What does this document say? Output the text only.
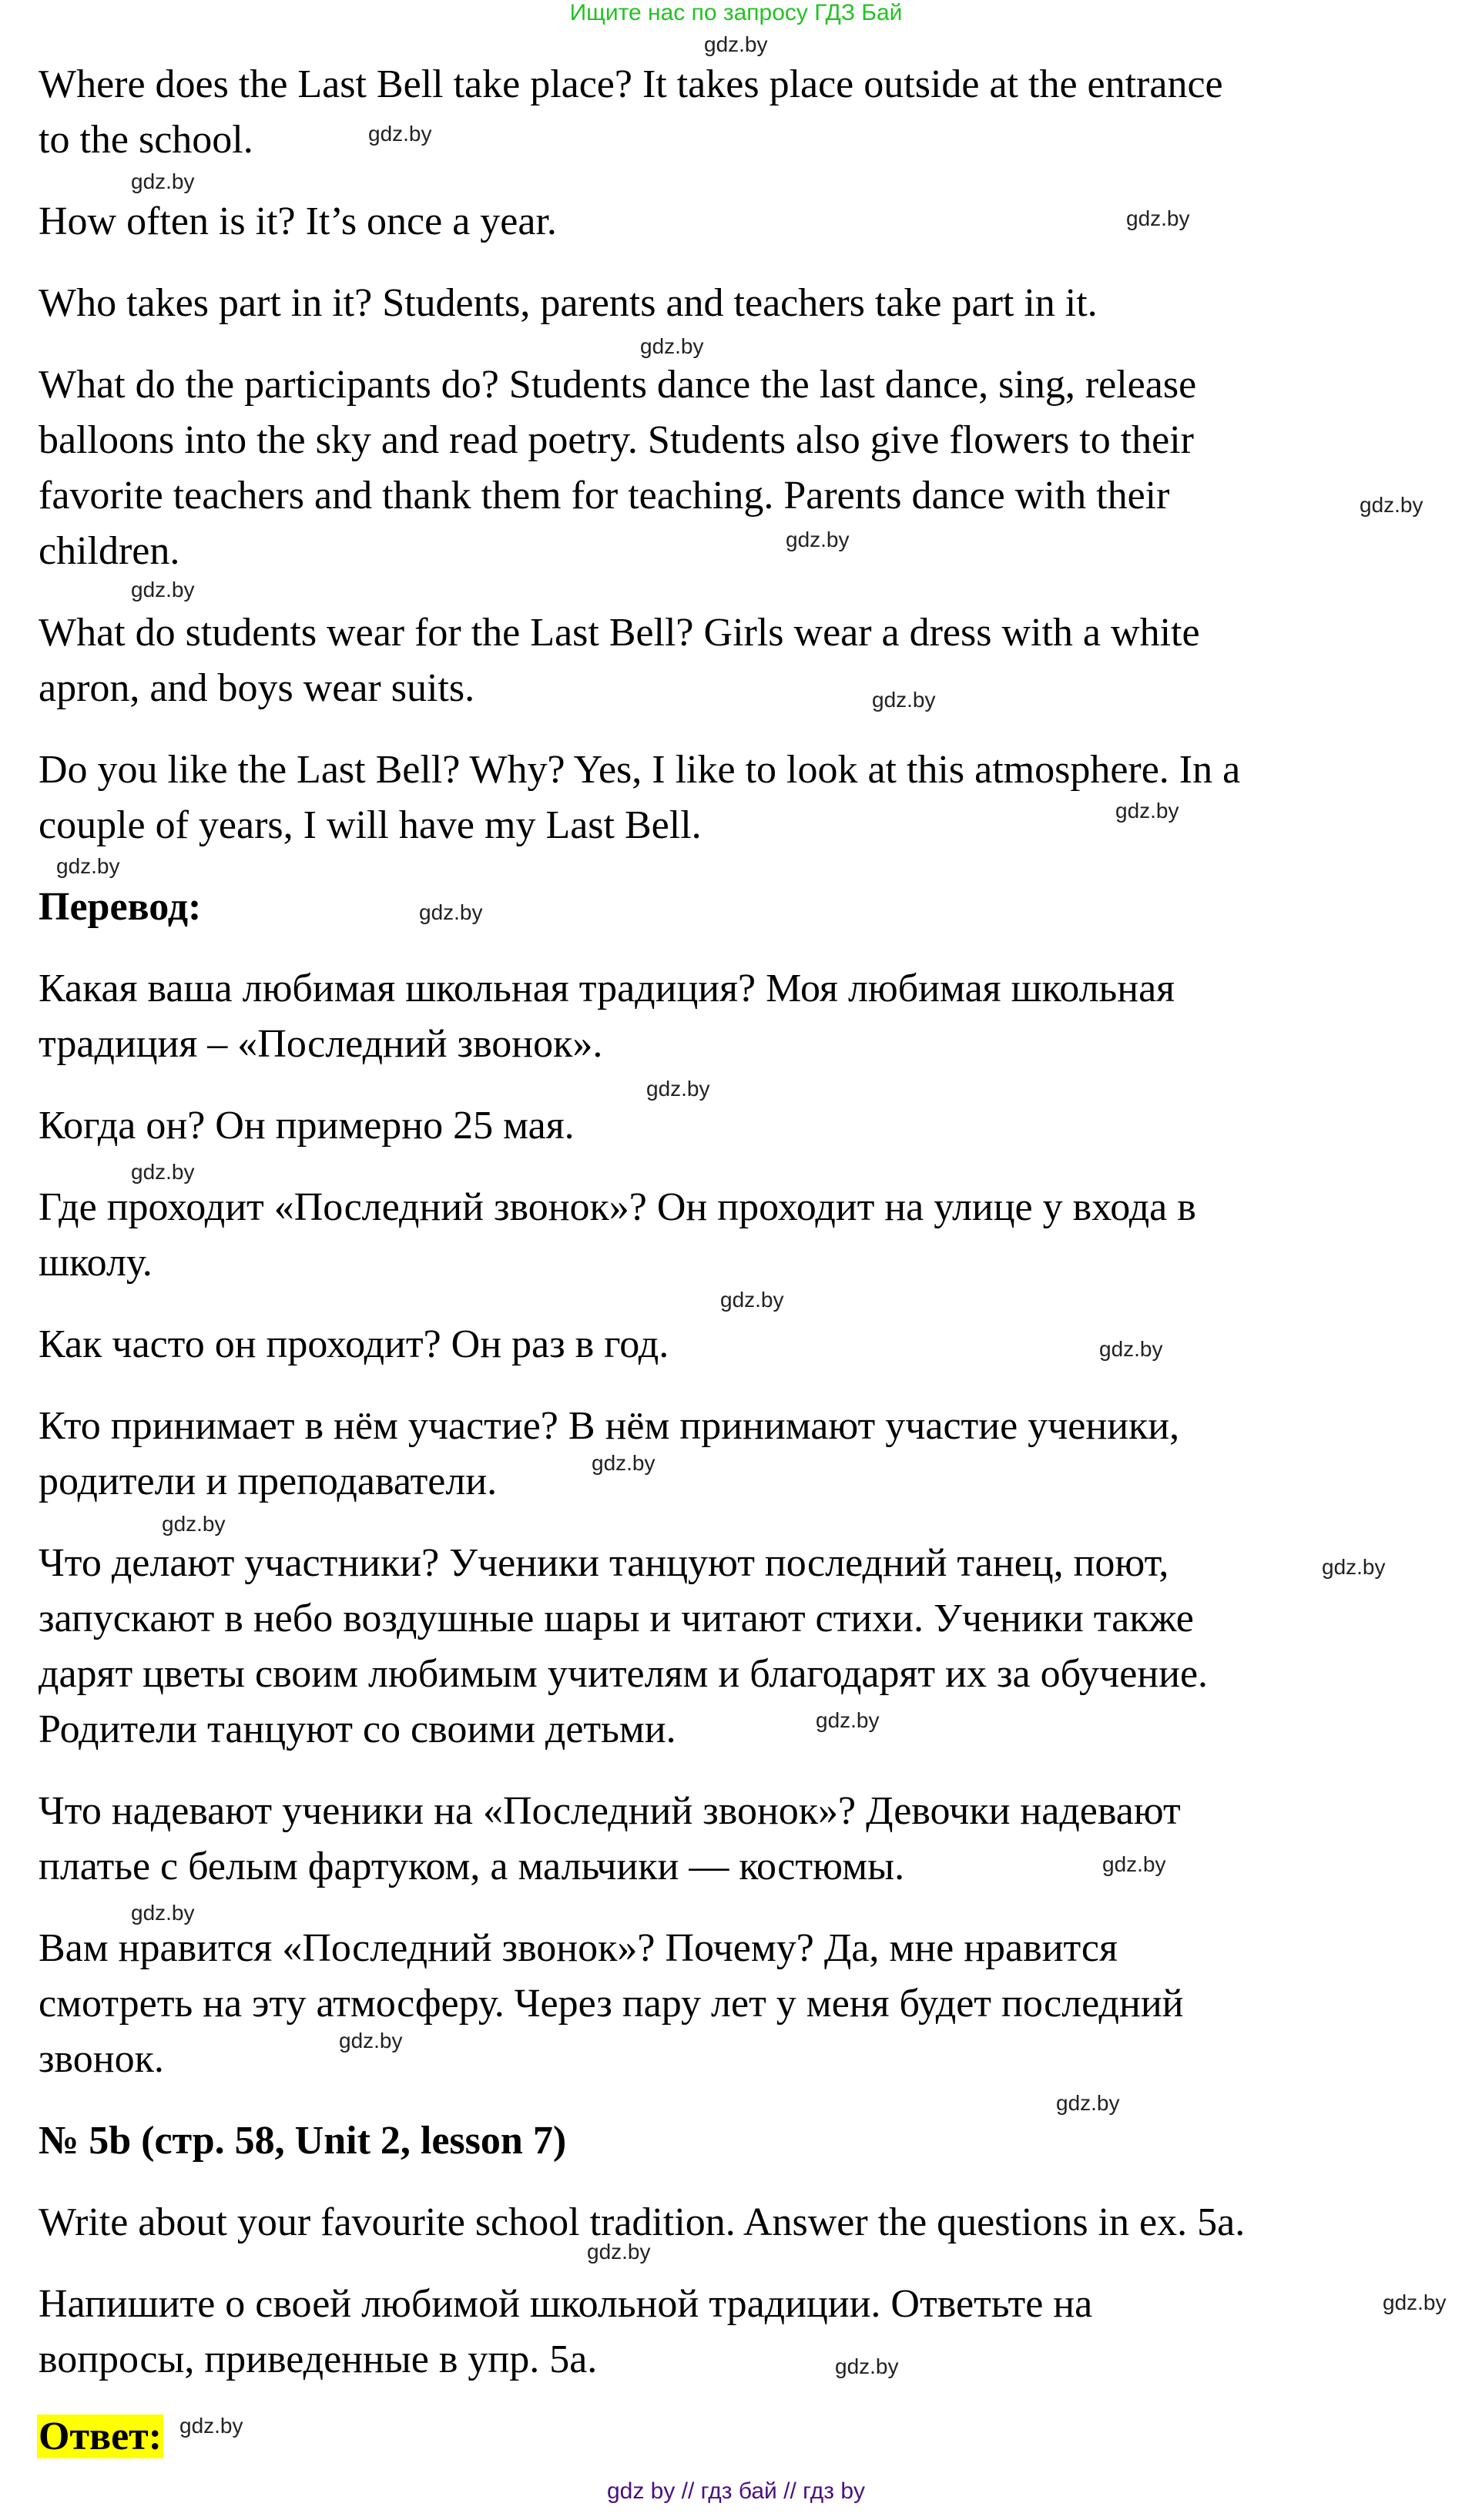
Ищите нас по запросу ГДЗ Бай
Where does the Last Bell take place? It takes place outside at the entrance
to the school.
How often is it? It’s once a year.
Who takes part in it? Students, parents and teachers take part in it.
What do the participants do? Students dance the last dance, sing, release
balloons into the sky and read poetry. Students also give flowers to their
favorite teachers and thank them for teaching. Parents dance with their
children.
What do students wear for the Last Bell? Girls wear a dress with a white
apron, and boys wear suits.
Do you like the Last Bell? Why? Yes, I like to look at this atmosphere. In a
couple of years, I will have my Last Bell.
Перевод:
Какая ваша любимая школьная традиция? Моя любимая школьная
традиция – «Последний звонок».
Когда он? Он примерно 25 мая.
Где проходит «Последний звонок»? Он проходит на улице у входа в
школу.
Как часто он проходит? Он раз в год.
Кто принимает в нём участие? В нём принимают участие ученики,
родители и преподаватели.
Что делают участники? Ученики танцуют последний танец, поют,
запускают в небо воздушные шары и читают стихи. Ученики также
дарят цветы своим любимым учителям и благодарят их за обучение.
Родители танцуют со своими детьми.
Что надевают ученики на «Последний звонок»? Девочки надевают
платье с белым фартуком, а мальчики — костюмы.
Вам нравится «Последний звонок»? Почему? Да, мне нравится
смотреть на эту атмосферу. Через пару лет у меня будет последний
звонок.
№ 5b (стр. 58, Unit 2, lesson 7)
Write about your favourite school tradition. Answer the questions in ex. 5a.
Напишите о своей любимой школьной традиции. Ответьте на
вопросы, приведенные в упр. 5а.
Ответ:
gdz.by
gdz.by
gdz.by
gdz.by
gdz.by
gdz.by
gdz.by
gdz.by
gdz.by
gdz.by
gdz.by
gdz.by
gdz.by
gdz.by
gdz.by
gdz.by
gdz.by
gdz.by
gdz.by
gdz.by
gdz.by
gdz.by
gdz.by
gdz.by
gdz.by
gdz.by
gdz.by
gdz.by
gdz by // гдз бай // гдз by
